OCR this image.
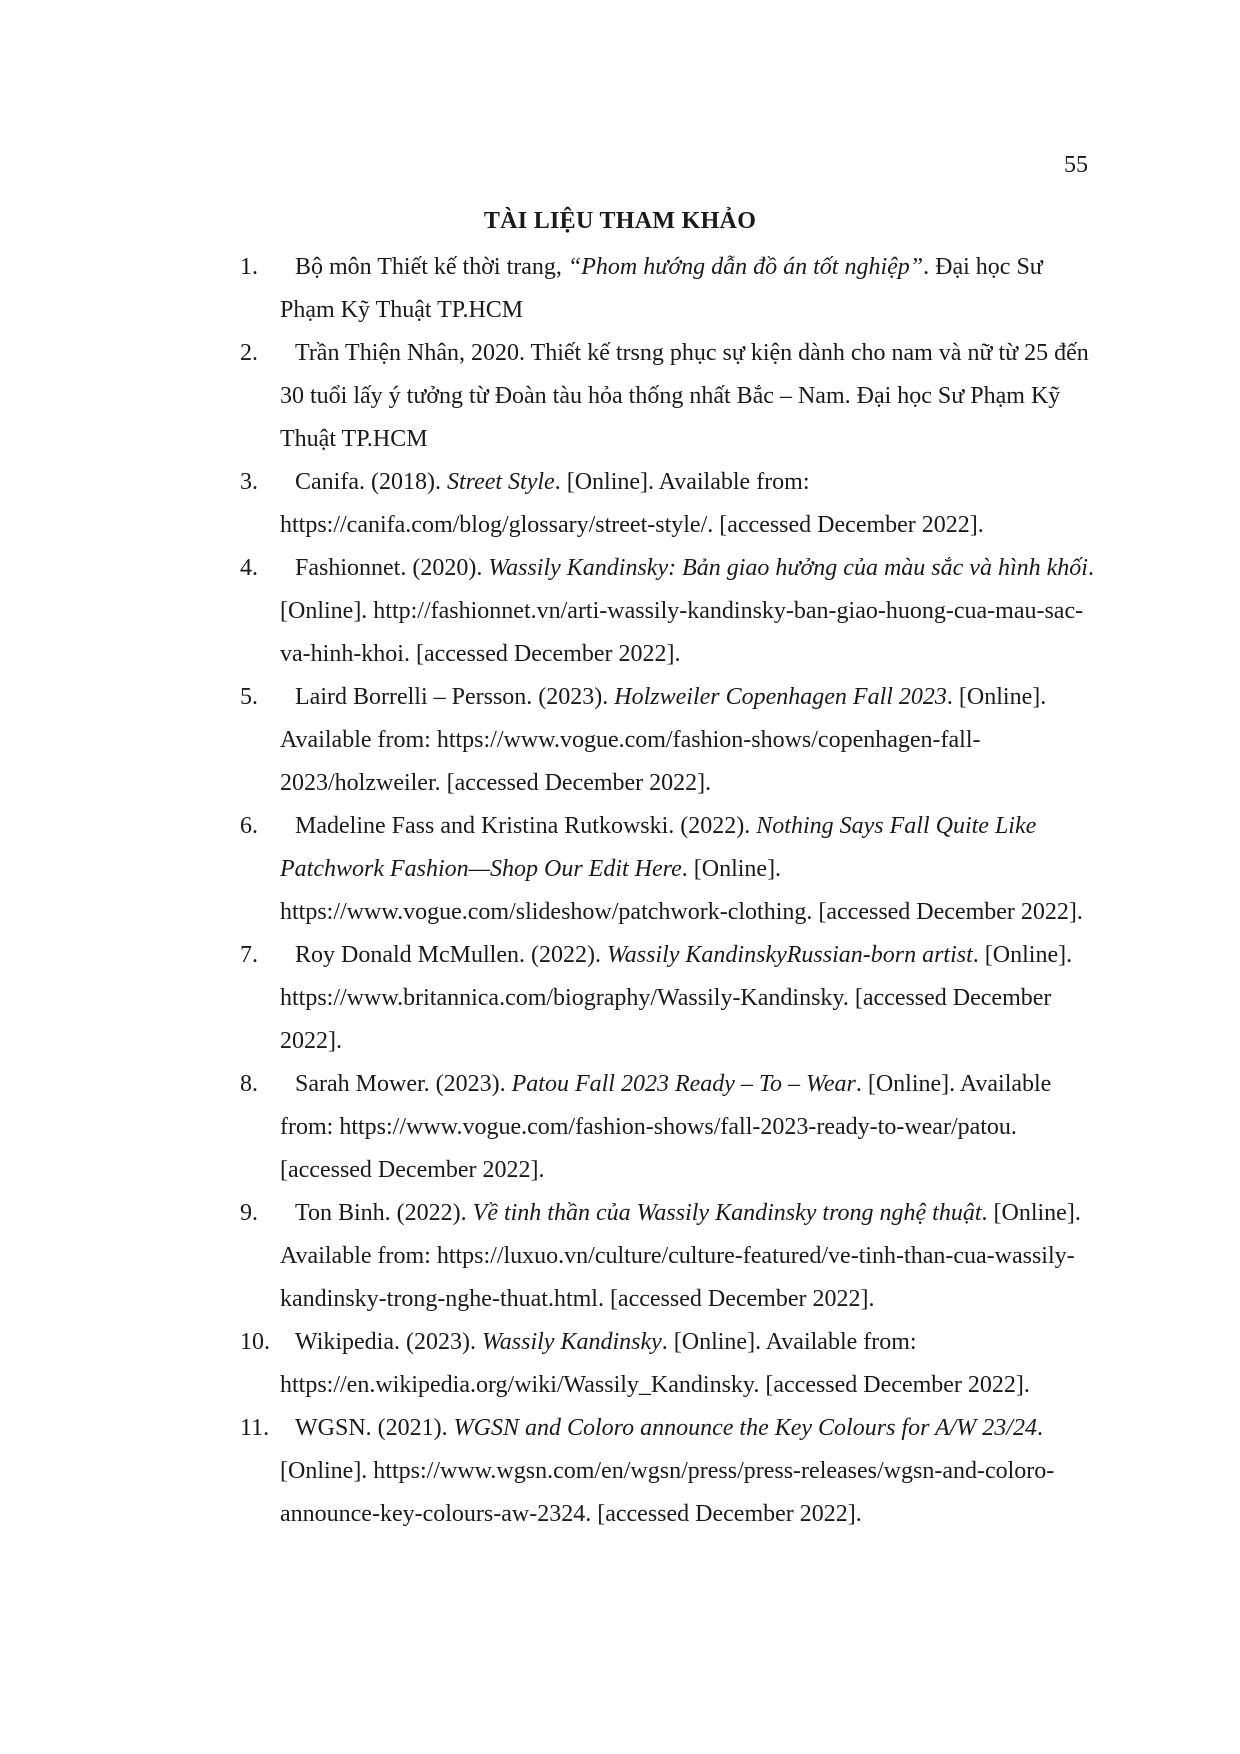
55
TÀI LIỆU THAM KHẢO
1.	Bộ môn Thiết kế thời trang, “Phom hướng dẫn đồ án tốt nghiệp”. Đại học Sư Phạm Kỹ Thuật TP.HCM
2.	Trần Thiện Nhân, 2020. Thiết kế trsng phục sự kiện dành cho nam và nữ từ 25 đến 30 tuổi lấy ý tưởng từ Đoàn tàu hỏa thống nhất Bắc – Nam. Đại học Sư Phạm Kỹ Thuật TP.HCM
3.	Canifa. (2018). Street Style. [Online]. Available from: https://canifa.com/blog/glossary/street-style/. [accessed December 2022].
4.	Fashionnet. (2020). Wassily Kandinsky: Bản giao hưởng của màu sắc và hình khối. [Online]. http://fashionnet.vn/arti-wassily-kandinsky-ban-giao-huong-cua-mau-sac-va-hinh-khoi. [accessed December 2022].
5.	Laird Borrelli – Persson. (2023). Holzweiler Copenhagen Fall 2023. [Online]. Available from: https://www.vogue.com/fashion-shows/copenhagen-fall-2023/holzweiler. [accessed December 2022].
6.	Madeline Fass and Kristina Rutkowski. (2022). Nothing Says Fall Quite Like Patchwork Fashion—Shop Our Edit Here. [Online]. https://www.vogue.com/slideshow/patchwork-clothing. [accessed December 2022].
7.	Roy Donald McMullen. (2022). Wassily KandinskyRussian-born artist. [Online]. https://www.britannica.com/biography/Wassily-Kandinsky. [accessed December 2022].
8.	Sarah Mower. (2023). Patou Fall 2023 Ready – To – Wear. [Online]. Available from: https://www.vogue.com/fashion-shows/fall-2023-ready-to-wear/patou. [accessed December 2022].
9.	Ton Binh. (2022). Về tinh thần của Wassily Kandinsky trong nghệ thuật. [Online]. Available from: https://luxuo.vn/culture/culture-featured/ve-tinh-than-cua-wassily-kandinsky-trong-nghe-thuat.html. [accessed December 2022].
10.	Wikipedia. (2023). Wassily Kandinsky. [Online]. Available from: https://en.wikipedia.org/wiki/Wassily_Kandinsky. [accessed December 2022].
11.	WGSN. (2021). WGSN and Coloro announce the Key Colours for A/W 23/24. [Online]. https://www.wgsn.com/en/wgsn/press/press-releases/wgsn-and-coloro-announce-key-colours-aw-2324. [accessed December 2022].
